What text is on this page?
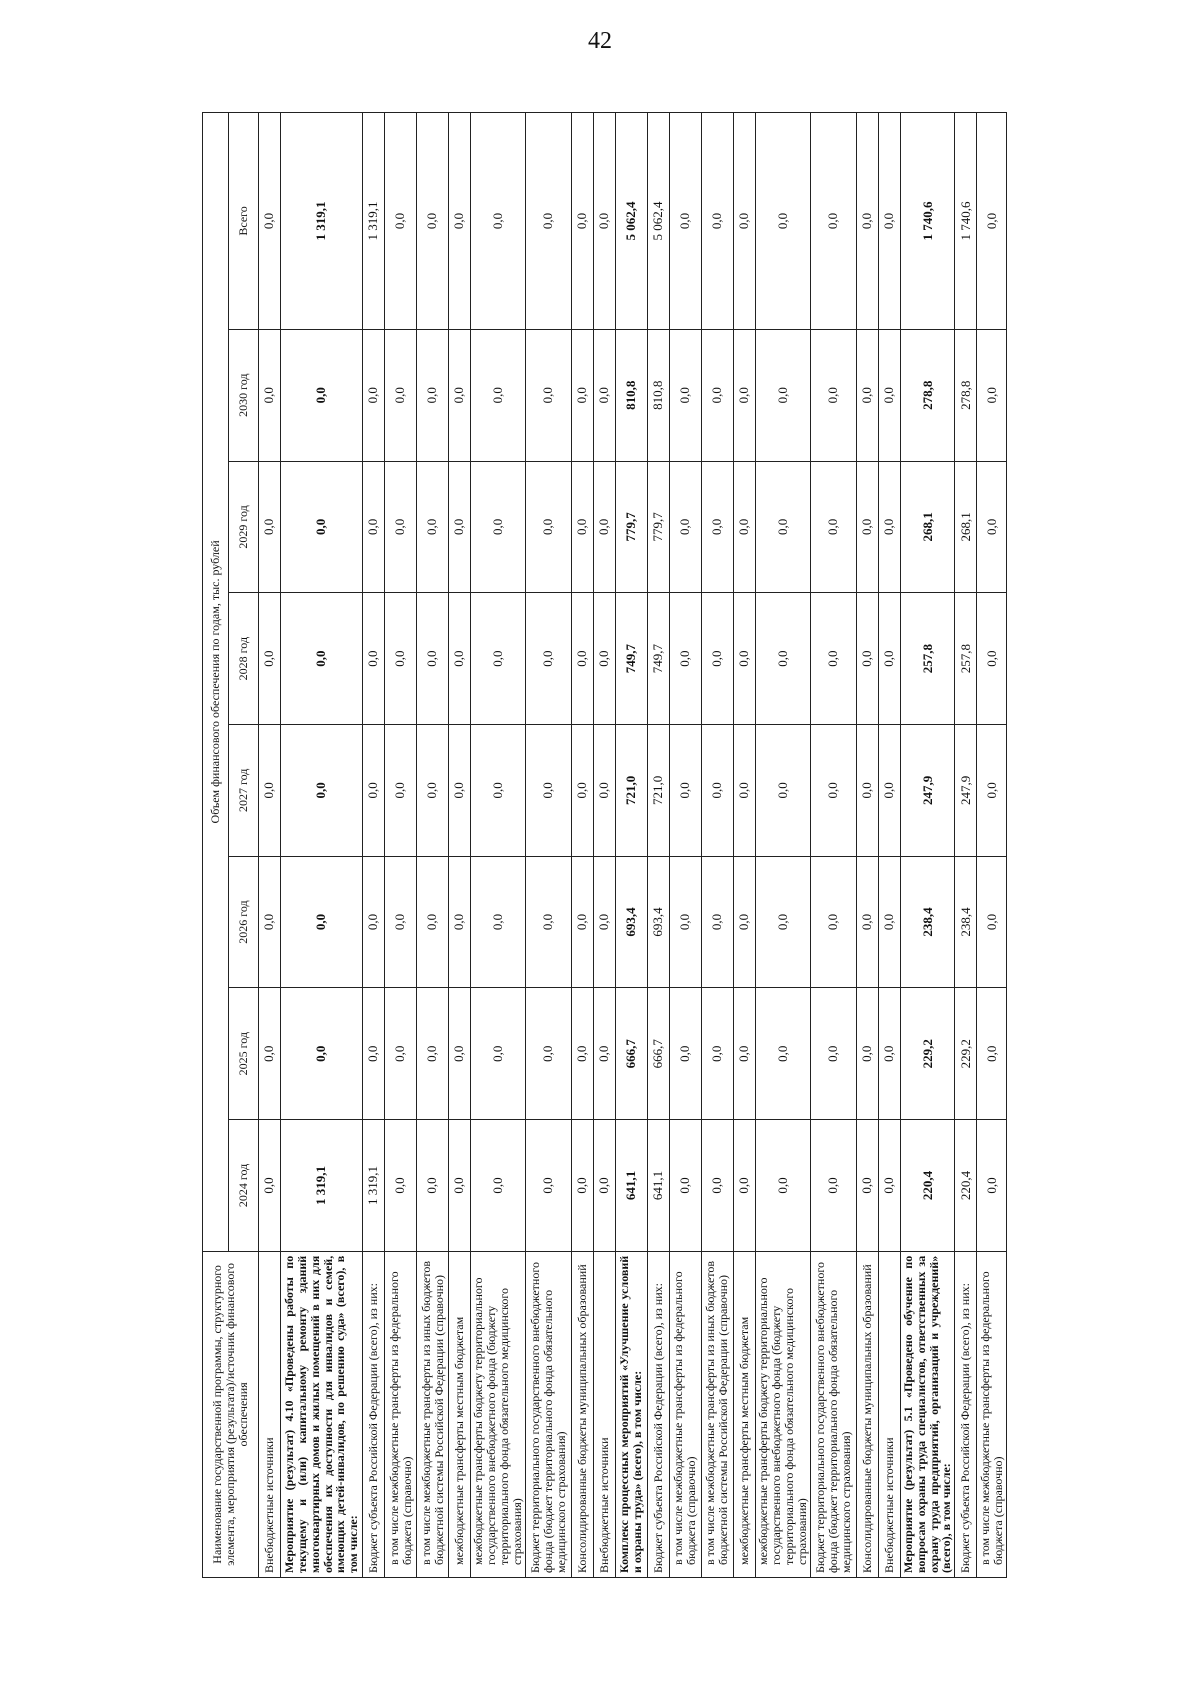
42
Наименование государственной программы, структурного элемента, мероприятия (результата)/источник финансового обеспечения	Объем финансового обеспечения по годам, тыс. рублей							
	2024 год	2025 год	2026 год	2027 год	2028 год	2029 год	2030 год	Всего
Внебюджетные источники	0,0	0,0	0,0	0,0	0,0	0,0	0,0	0,0
Мероприятие (результат) 4.10 «Проведены работы по текущему и (или) капитальному ремонту зданий многоквартирных домов и жилых помещений в них для обеспечения их доступности для инвалидов и семей, имеющих детей-инвалидов, по решению суда» (всего), в том числе:	1 319,1	0,0	0,0	0,0	0,0	0,0	0,0	1 319,1
Бюджет субъекта Российской Федерации (всего), из них:	1 319,1	0,0	0,0	0,0	0,0	0,0	0,0	1 319,1
в том числе межбюджетные трансферты из федерального бюджета (справочно)	0,0	0,0	0,0	0,0	0,0	0,0	0,0	0,0
в том числе межбюджетные трансферты из иных бюджетов бюджетной системы Российской Федерации (справочно)	0,0	0,0	0,0	0,0	0,0	0,0	0,0	0,0
межбюджетные трансферты местным бюджетам	0,0	0,0	0,0	0,0	0,0	0,0	0,0	0,0
межбюджетные трансферты бюджету территориального государственного внебюджетного фонда (бюджету территориального фонда обязательного медицинского страхования)	0,0	0,0	0,0	0,0	0,0	0,0	0,0	0,0
Бюджет территориального государственного внебюджетного фонда (бюджет территориального фонда обязательного медицинского страхования)	0,0	0,0	0,0	0,0	0,0	0,0	0,0	0,0
Консолидированные бюджеты муниципальных образований	0,0	0,0	0,0	0,0	0,0	0,0	0,0	0,0
Внебюджетные источники	0,0	0,0	0,0	0,0	0,0	0,0	0,0	0,0
Комплекс процессных мероприятий «Улучшение условий и охраны труда» (всего), в том числе:	641,1	666,7	693,4	721,0	749,7	779,7	810,8	5 062,4
Бюджет субъекта Российской Федерации (всего), из них:	641,1	666,7	693,4	721,0	749,7	779,7	810,8	5 062,4
в том числе межбюджетные трансферты из федерального бюджета (справочно)	0,0	0,0	0,0	0,0	0,0	0,0	0,0	0,0
в том числе межбюджетные трансферты из иных бюджетов бюджетной системы Российской Федерации (справочно)	0,0	0,0	0,0	0,0	0,0	0,0	0,0	0,0
межбюджетные трансферты местным бюджетам	0,0	0,0	0,0	0,0	0,0	0,0	0,0	0,0
межбюджетные трансферты бюджету территориального государственного внебюджетного фонда (бюджету территориального фонда обязательного медицинского страхования)	0,0	0,0	0,0	0,0	0,0	0,0	0,0	0,0
Бюджет территориального государственного внебюджетного фонда (бюджет территориального фонда обязательного медицинского страхования)	0,0	0,0	0,0	0,0	0,0	0,0	0,0	0,0
Консолидированные бюджеты муниципальных образований	0,0	0,0	0,0	0,0	0,0	0,0	0,0	0,0
Внебюджетные источники	0,0	0,0	0,0	0,0	0,0	0,0	0,0	0,0
Мероприятие (результат) 5.1 «Проведено обучение по вопросам охраны труда специалистов, ответственных за охрану труда предприятий, организаций и учреждений» (всего), в том числе:	220,4	229,2	238,4	247,9	257,8	268,1	278,8	1 740,6
Бюджет субъекта Российской Федерации (всего), из них:	220,4	229,2	238,4	247,9	257,8	268,1	278,8	1 740,6
в том числе межбюджетные трансферты из федерального бюджета (справочно)	0,0	0,0	0,0	0,0	0,0	0,0	0,0	0,0
